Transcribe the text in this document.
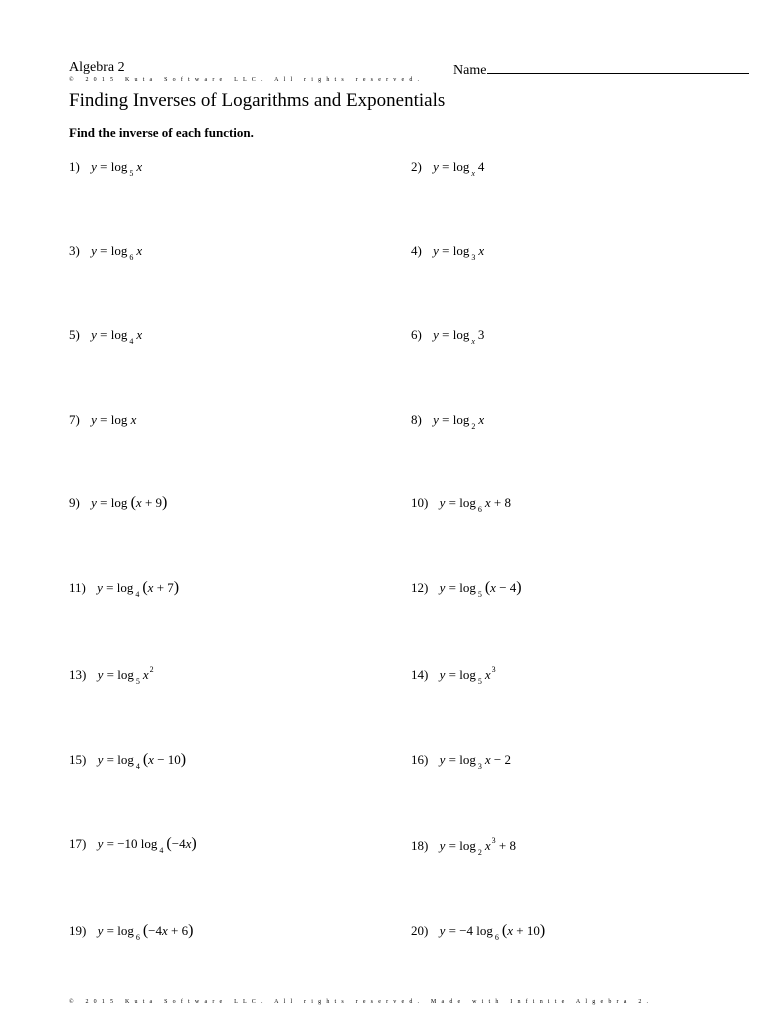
Algebra 2	Name
© 2015 Kuta Software LLC. All rights reserved.
Finding Inverses of Logarithms and Exponentials
Find the inverse of each function.
1) y = log $_5$ x	2) y = log $_x$ 4
3) y = log $_6$ x	4) y = log $_3$ x
5) y = log $_4$ x	6) y = log $_x$ 3
7) y = log x	8) y = log $_2$ x
9) y = log (x + 9)	10) y = log $_6$ x + 8
11) y = log $_4$ (x + 7)	12) y = log $_5$ (x − 4)
13) y = log $_5$ $x^2$	14) y = log $_5$ $x^3$
15) y = log $_4$ (x − 10)	16) y = log $_3$ x − 2
17) y = −10 log $_4$ (−4x)	18) y = log $_2$ $x^3 + 8$
19) y = log $_6$ (−4x + 6)	20) y = −4 log $_6$ (x + 10)
© 2015 Kuta Software LLC. All rights reserved. Made with Infinite Algebra 2.
